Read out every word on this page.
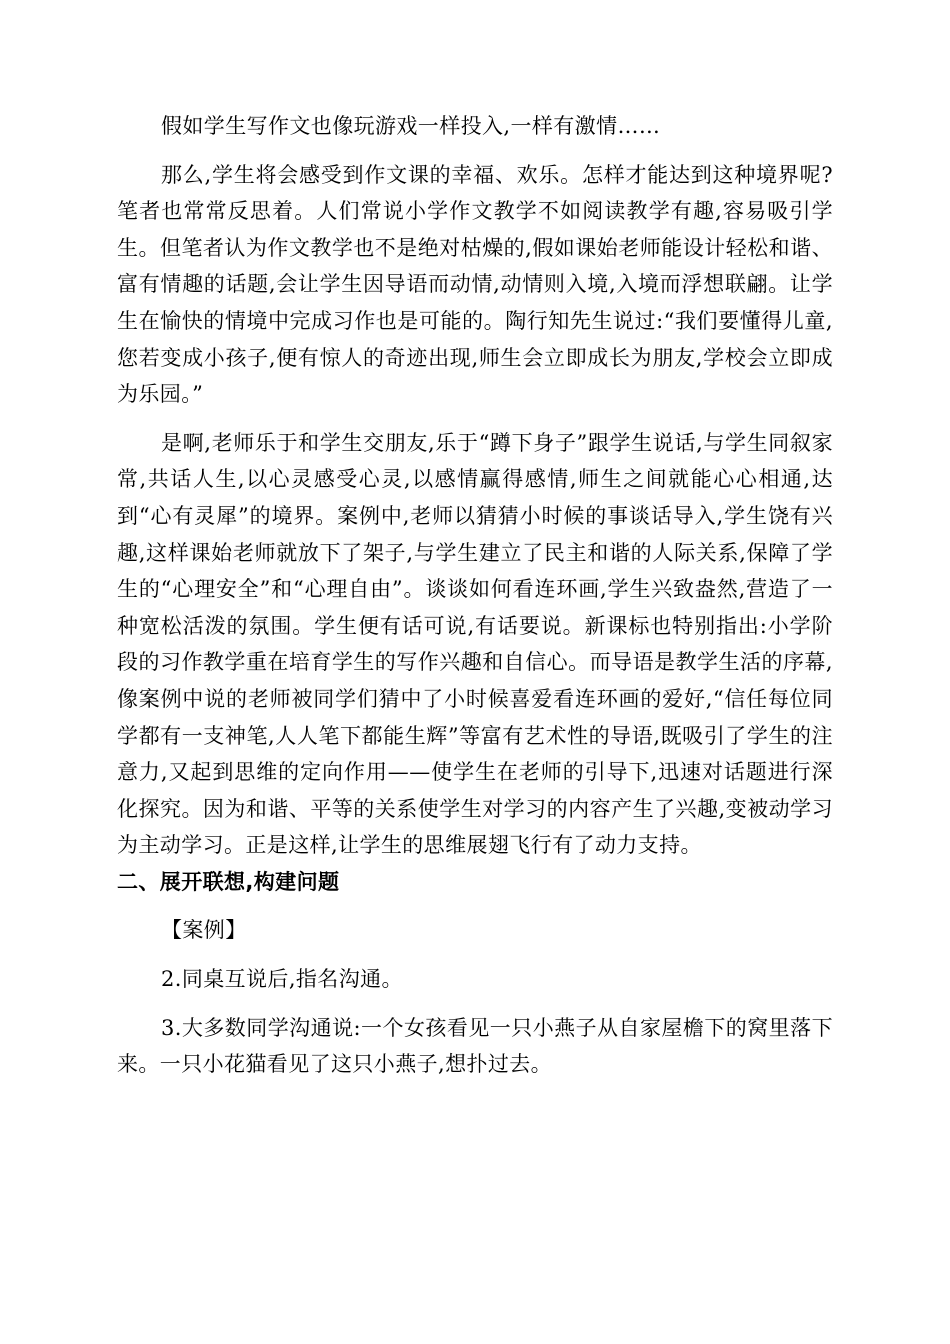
假如学生写作文也像玩游戏一样投入,一样有激情……

那么,学生将会感受到作文课的幸福、欢乐。怎样才能达到这种境界呢?笔者也常常反思着。人们常说小学作文教学不如阅读教学有趣,容易吸引学生。但笔者认为作文教学也不是绝对枯燥的,假如课始老师能设计轻松和谐、富有情趣的话题,会让学生因导语而动情,动情则入境,入境而浮想联翩。让学生在愉快的情境中完成习作也是可能的。陶行知先生说过:“我们要懂得儿童,您若变成小孩子,便有惊人的奇迹出现,师生会立即成长为朋友,学校会立即成为乐园。”

是啊,老师乐于和学生交朋友,乐于“蹲下身子”跟学生说话,与学生同叙家常,共话人生,以心灵感受心灵,以感情赢得感情,师生之间就能心心相通,达到“心有灵犀”的境界。案例中,老师以猜猜小时候的事谈话导入,学生饶有兴趣,这样课始老师就放下了架子,与学生建立了民主和谐的人际关系,保障了学生的“心理安全”和“心理自由”。谈谈如何看连环画,学生兴致盎然,营造了一种宽松活泼的氛围。学生便有话可说,有话要说。新课标也特别指出:小学阶段的习作教学重在培育学生的写作兴趣和自信心。而导语是教学生活的序幕,像案例中说的老师被同学们猜中了小时候喜爱看连环画的爱好,“信任每位同学都有一支神笔,人人笔下都能生辉”等富有艺术性的导语,既吸引了学生的注意力,又起到思维的定向作用——使学生在老师的引导下,迅速对话题进行深化探究。因为和谐、平等的关系使学生对学习的内容产生了兴趣,变被动学习为主动学习。正是这样,让学生的思维展翅飞行有了动力支持。

二、展开联想,构建问题

【案例】

2.同桌互说后,指名沟通。

3.大多数同学沟通说:一个女孩看见一只小燕子从自家屋檐下的窝里落下来。一只小花猫看见了这只小燕子,想扑过去。
